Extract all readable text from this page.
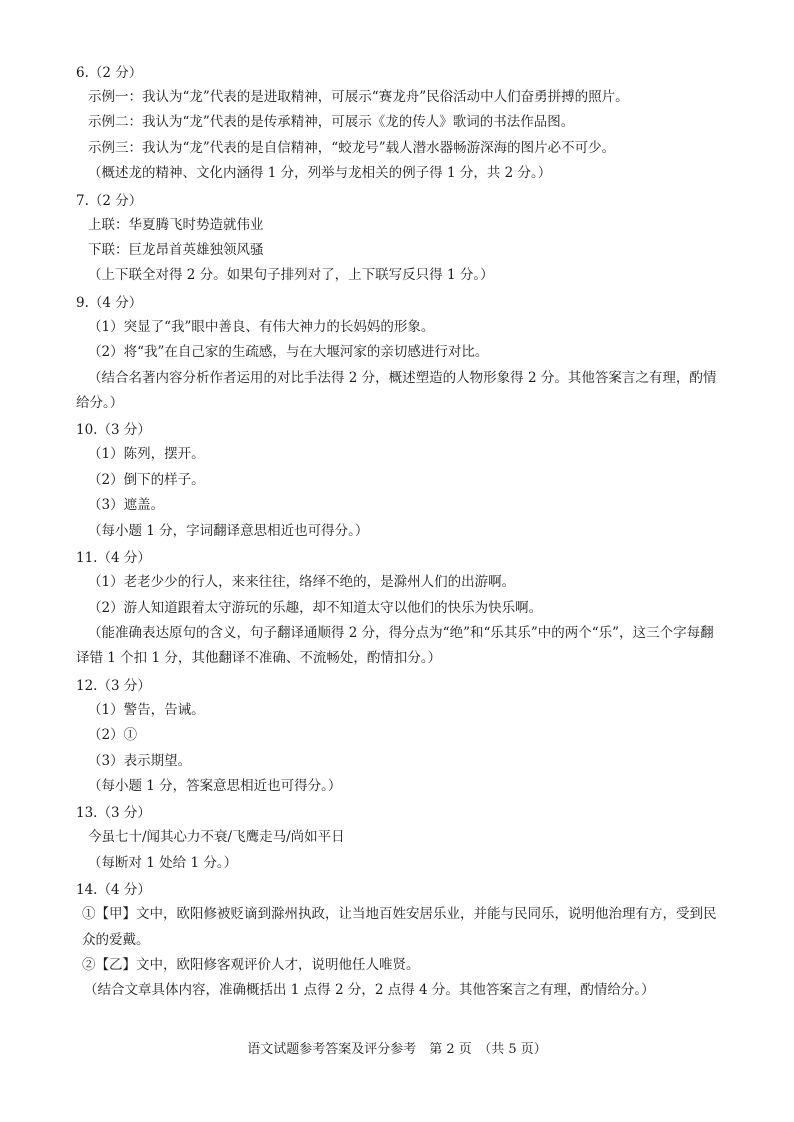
6.（2 分）
示例一：我认为“龙”代表的是进取精神，可展示“赛龙舟”民俗活动中人们奋勇拼搏的照片。
示例二：我认为“龙”代表的是传承精神，可展示《龙的传人》歌词的书法作品图。
示例三：我认为“龙”代表的是自信精神，“蛟龙号”载人潜水器畅游深海的图片必不可少。
（概述龙的精神、文化内涵得 1 分，列举与龙相关的例子得 1 分，共 2 分。）
7.（2 分）
上联：华夏腾飞时势造就伟业
下联：巨龙昂首英雄独领风骚
（上下联全对得 2 分。如果句子排列对了，上下联写反只得 1 分。）
9.（4 分）
（1）突显了“我”眼中善良、有伟大神力的长妈妈的形象。
（2）将“我”在自己家的生疏感，与在大堰河家的亲切感进行对比。
（结合名著内容分析作者运用的对比手法得 2 分，概述塑造的人物形象得 2 分。其他答案言之有理，酌情给分。）
10.（3 分）
（1）陈列，摆开。
（2）倒下的样子。
（3）遮盖。
（每小题 1 分，字词翻译意思相近也可得分。）
11.（4 分）
（1）老老少少的行人，来来往往，络绎不绝的，是滁州人们的出游啊。
（2）游人知道跟着太守游玩的乐趣，却不知道太守以他们的快乐为快乐啊。
（能准确表达原句的含义，句子翻译通顺得 2 分，得分点为“绝”和“乐其乐”中的两个“乐”，这三个字每翻译错 1 个扣 1 分，其他翻译不准确、不流畅处，酌情扣分。）
12.（3 分）
（1）警告，告诫。
（2）①
（3）表示期望。
（每小题 1 分，答案意思相近也可得分。）
13.（3 分）
今虽七十/闻其心力不衰/飞鹰走马/尚如平日
（每断对 1 处给 1 分。）
14.（4 分）
①【甲】文中，欧阳修被贬谪到滁州执政，让当地百姓安居乐业，并能与民同乐，说明他治理有方，受到民众的爱戴。
②【乙】文中，欧阳修客观评价人才，说明他任人唯贤。
（结合文章具体内容，准确概括出 1 点得 2 分，2 点得 4 分。其他答案言之有理，酌情给分。）
语文试题参考答案及评分参考　第 2 页　（共 5 页）
